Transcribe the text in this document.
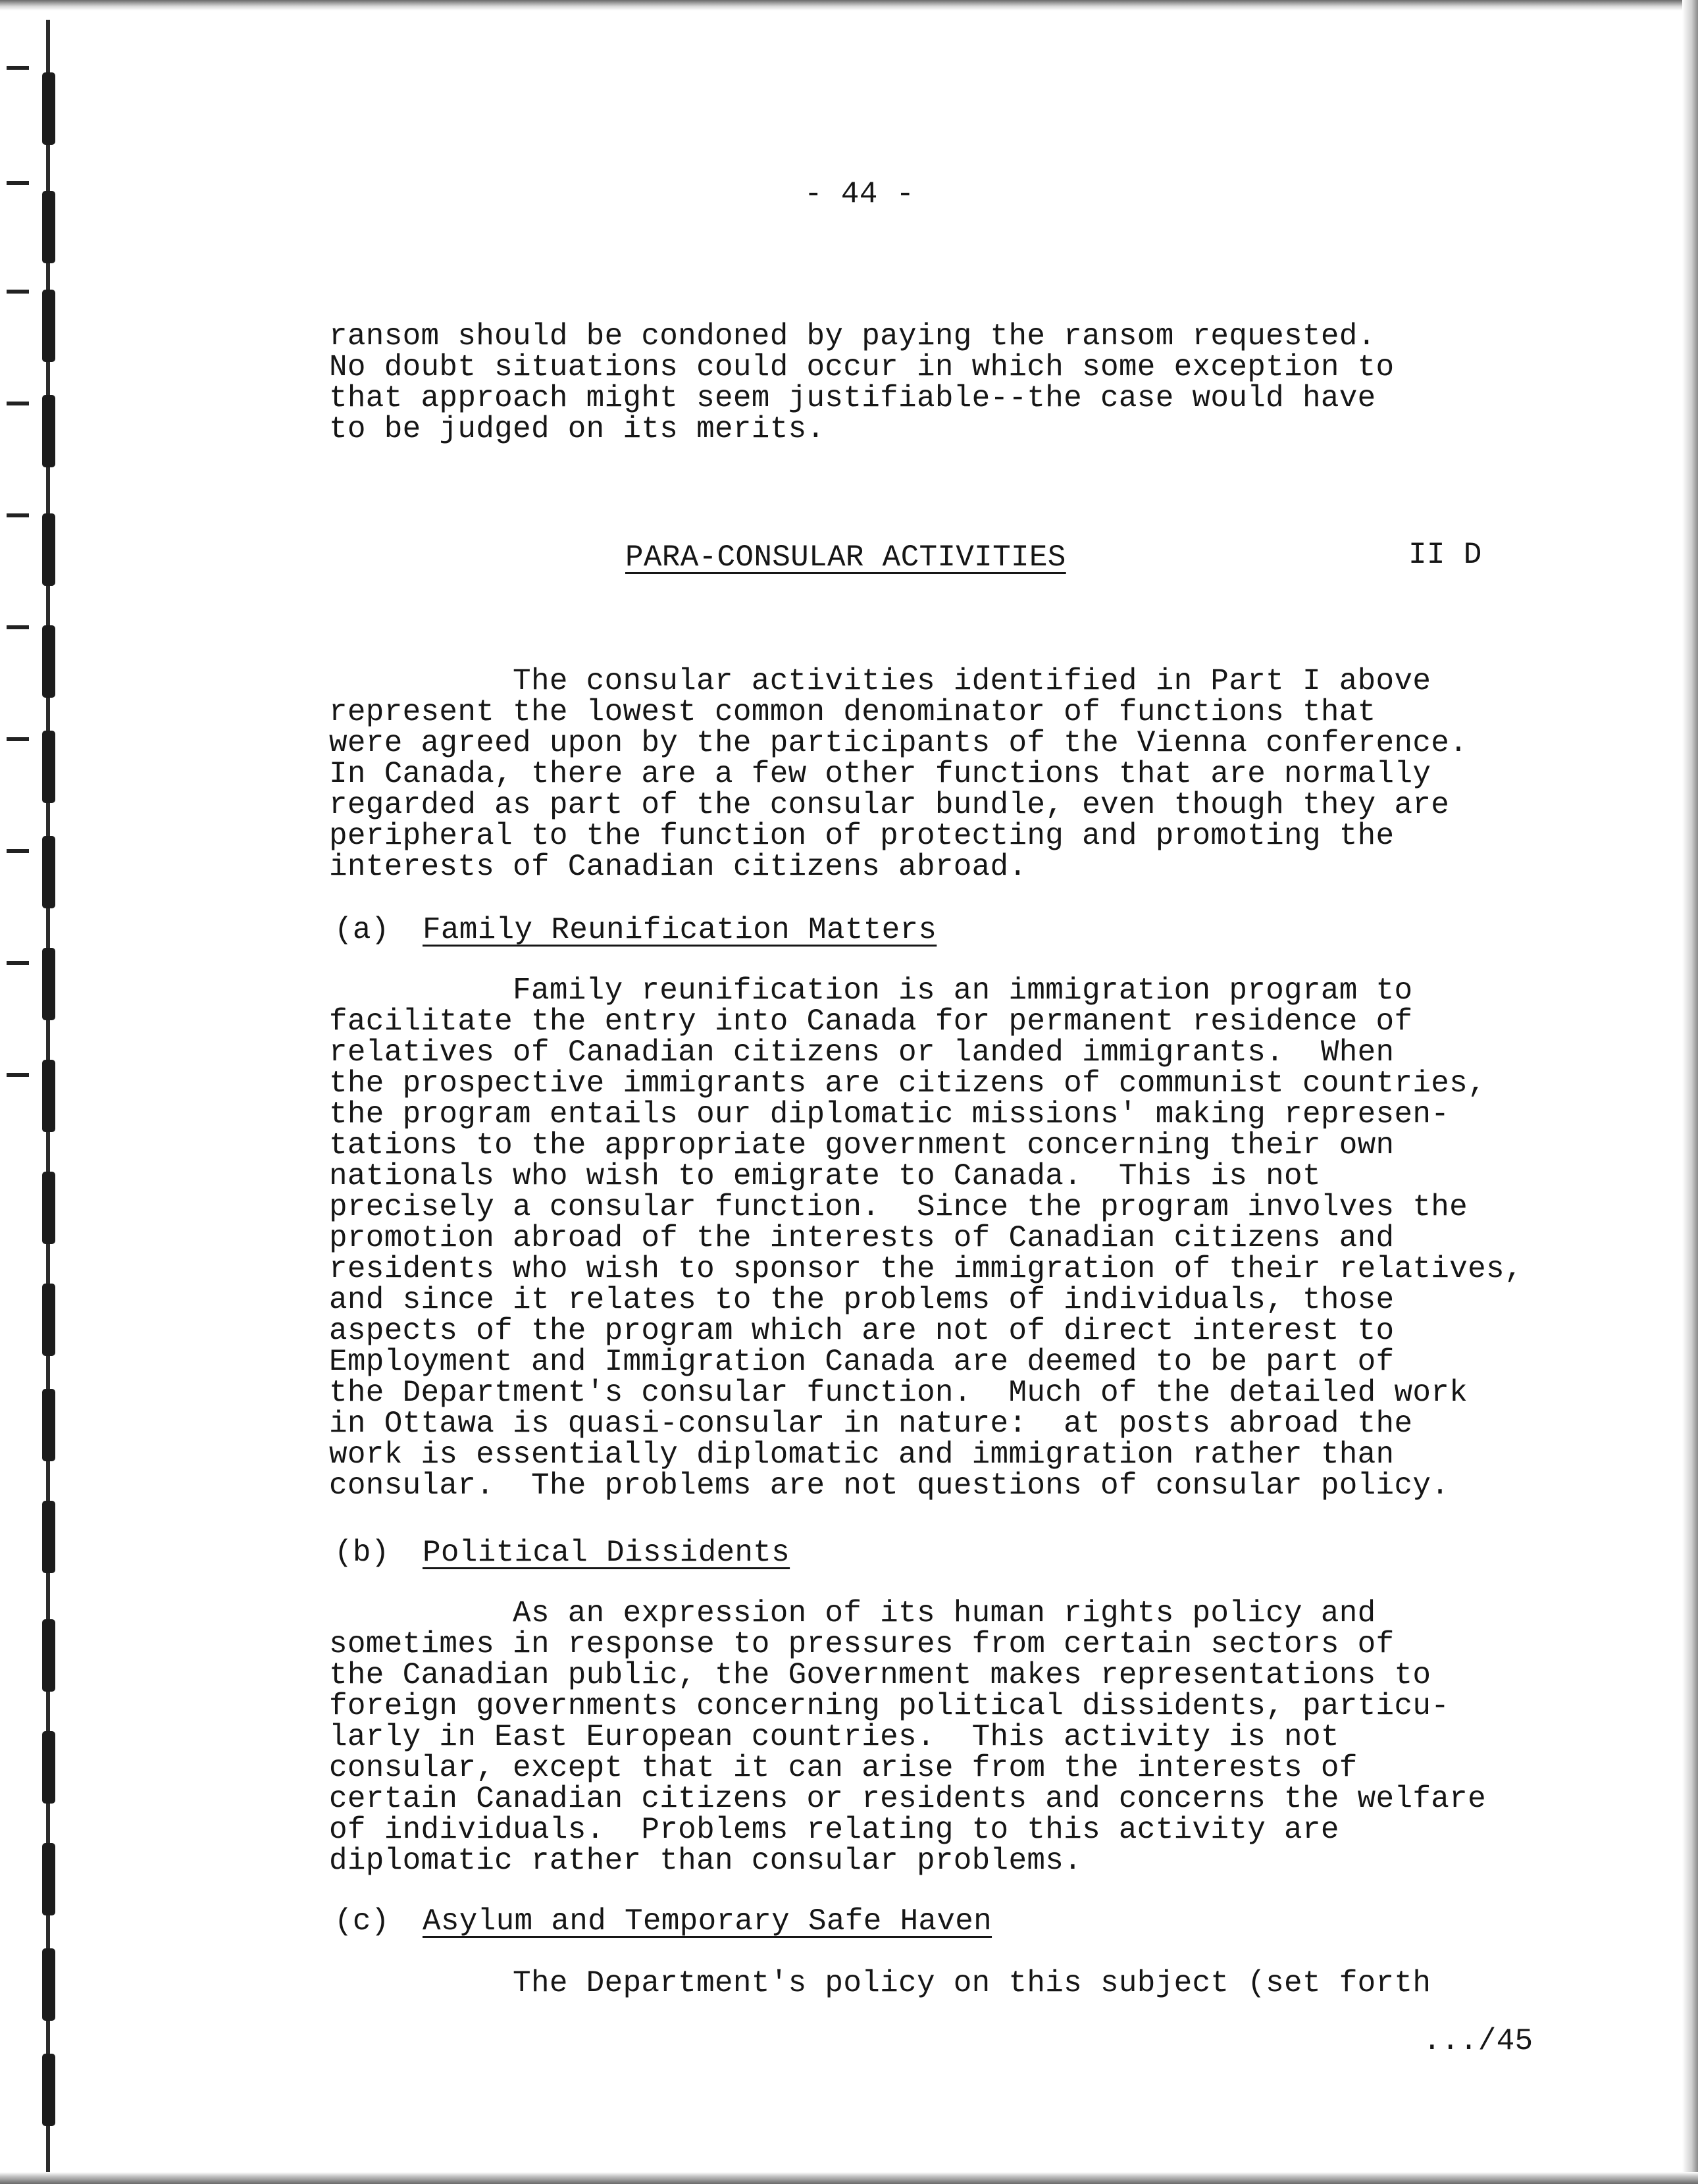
- 44 -
ransom should be condoned by paying the ransom requested.
No doubt situations could occur in which some exception to
that approach might seem justifiable--the case would have
to be judged on its merits.
PARA-CONSULAR ACTIVITIES	II D
The consular activities identified in Part I above
represent the lowest common denominator of functions that
were agreed upon by the participants of the Vienna conference.
In Canada, there are a few other functions that are normally
regarded as part of the consular bundle, even though they are
peripheral to the function of protecting and promoting the
interests of Canadian citizens abroad.
(a) Family Reunification Matters
Family reunification is an immigration program to
facilitate the entry into Canada for permanent residence of
relatives of Canadian citizens or landed immigrants.  When
the prospective immigrants are citizens of communist countries,
the program entails our diplomatic missions' making represen-
tations to the appropriate government concerning their own
nationals who wish to emigrate to Canada.  This is not
precisely a consular function.  Since the program involves the
promotion abroad of the interests of Canadian citizens and
residents who wish to sponsor the immigration of their relatives,
and since it relates to the problems of individuals, those
aspects of the program which are not of direct interest to
Employment and Immigration Canada are deemed to be part of
the Department's consular function.  Much of the detailed work
in Ottawa is quasi-consular in nature:  at posts abroad the
work is essentially diplomatic and immigration rather than
consular.  The problems are not questions of consular policy.
(b) Political Dissidents
As an expression of its human rights policy and
sometimes in response to pressures from certain sectors of
the Canadian public, the Government makes representations to
foreign governments concerning political dissidents, particu-
larly in East European countries.  This activity is not
consular, except that it can arise from the interests of
certain Canadian citizens or residents and concerns the welfare
of individuals.  Problems relating to this activity are
diplomatic rather than consular problems.
(c) Asylum and Temporary Safe Haven
The Department's policy on this subject (set forth
.../45
